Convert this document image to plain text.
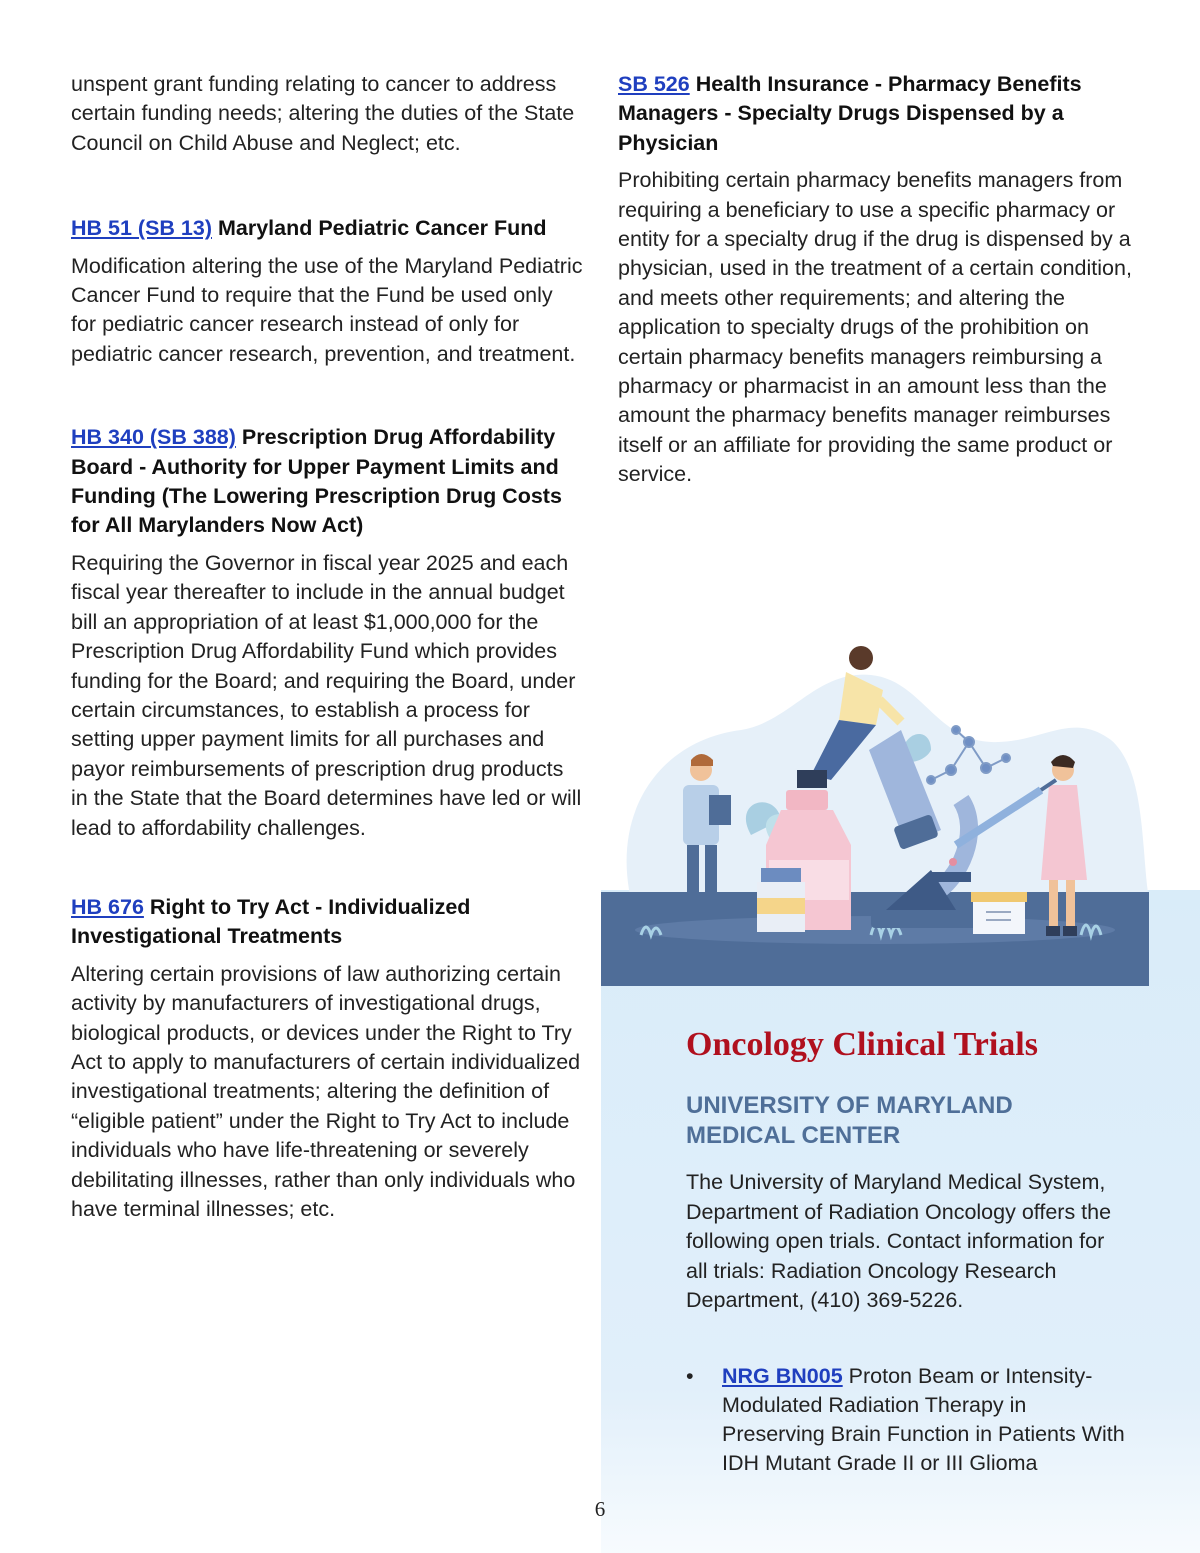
unspent grant funding relating to cancer to address certain funding needs; altering the duties of the State Council on Child Abuse and Neglect; etc.

HB 51 (SB 13) Maryland Pediatric Cancer Fund

Modification altering the use of the Maryland Pediatric Cancer Fund to require that the Fund be used only for pediatric cancer research instead of only for pediatric cancer research, prevention, and treatment.

HB 340 (SB 388) Prescription Drug Affordability Board - Authority for Upper Payment Limits and Funding (The Lowering Prescription Drug Costs for All Marylanders Now Act)

Requiring the Governor in fiscal year 2025 and each fiscal year thereafter to include in the annual budget bill an appropriation of at least $1,000,000 for the Prescription Drug Affordability Fund which provides funding for the Board; and requiring the Board, under certain circumstances, to establish a process for setting upper payment limits for all purchases and payor reimbursements of prescription drug products in the State that the Board determines have led or will lead to affordability challenges.

HB 676 Right to Try Act - Individualized Investigational Treatments

Altering certain provisions of law authorizing certain activity by manufacturers of investigational drugs, biological products, or devices under the Right to Try Act to apply to manufacturers of certain individualized investigational treatments; altering the definition of “eligible patient” under the Right to Try Act to include individuals who have life-threatening or severely debilitating illnesses, rather than only individuals who have terminal illnesses; etc.

SB 526 Health Insurance - Pharmacy Benefits Managers - Specialty Drugs Dispensed by a Physician

Prohibiting certain pharmacy benefits managers from requiring a beneficiary to use a specific pharmacy or entity for a specialty drug if the drug is dispensed by a physician, used in the treatment of a certain condition, and meets other requirements; and altering the application to specialty drugs of the prohibition on certain pharmacy benefits managers reimbursing a pharmacy or pharmacist in an amount less than the amount the pharmacy benefits manager reimburses itself or an affiliate for providing the same product or service.

Oncology Clinical Trials

UNIVERSITY OF MARYLAND MEDICAL CENTER

The University of Maryland Medical System, Department of Radiation Oncology offers the following open trials. Contact information for all trials: Radiation Oncology Research Department, (410) 369-5226.

• NRG BN005 Proton Beam or Intensity-Modulated Radiation Therapy in Preserving Brain Function in Patients With IDH Mutant Grade II or III Glioma
6
